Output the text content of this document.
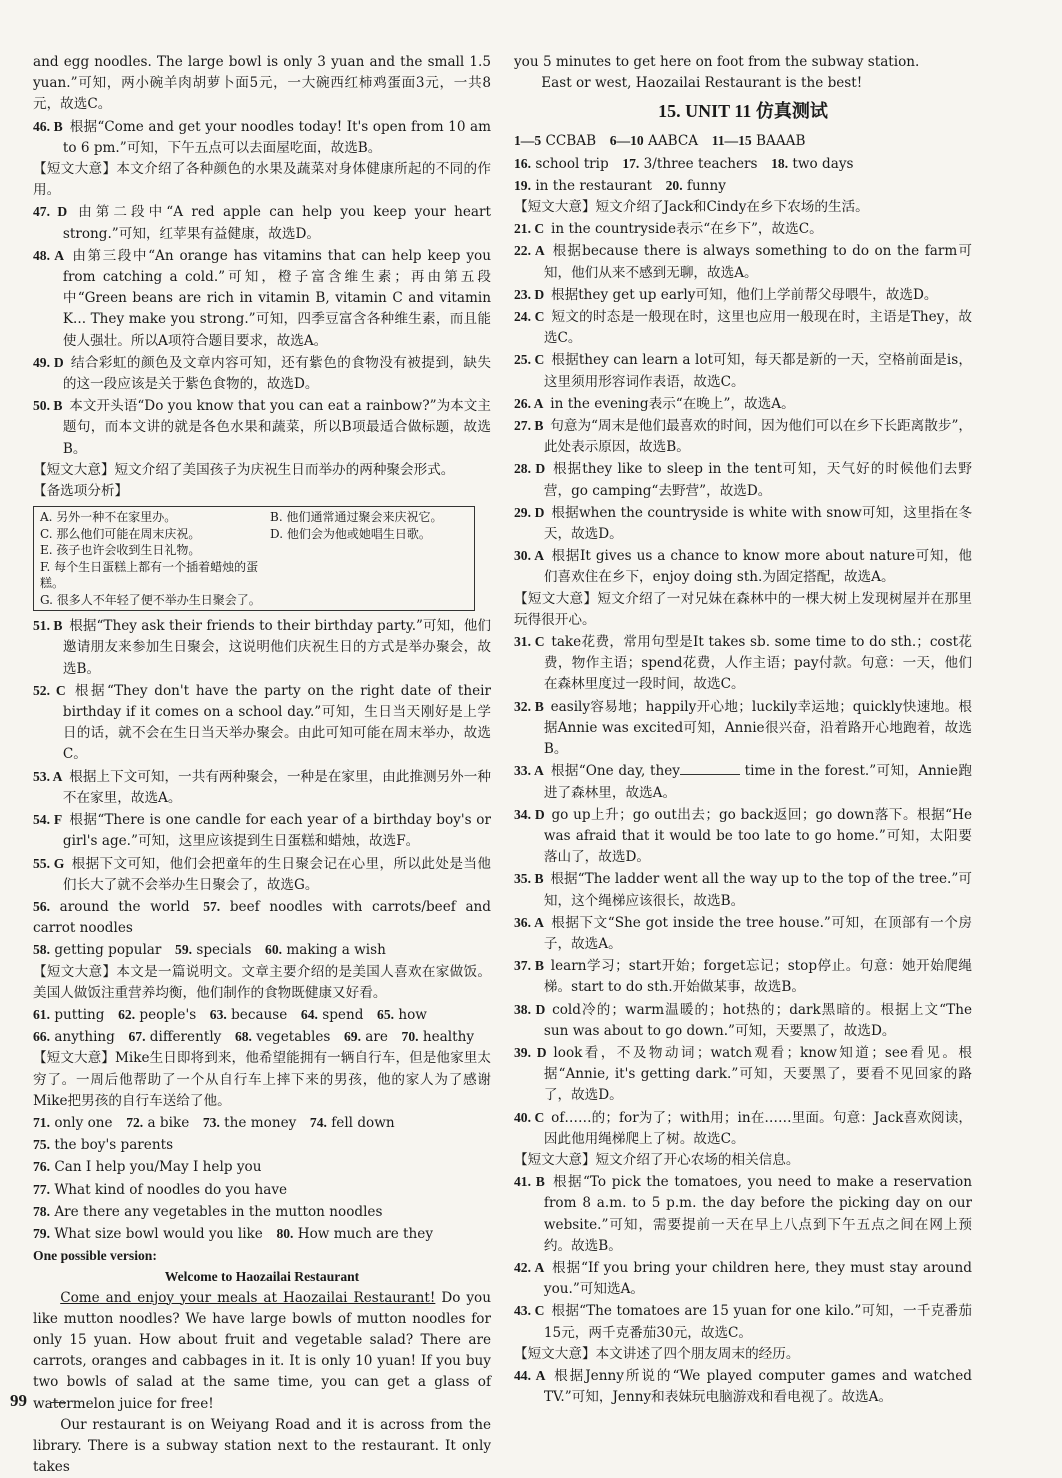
and egg noodles. The large bowl is only 3 yuan and the small 1.5 yuan.”可知，两小碗羊肉胡萝卜面5元，一大碗西红柿鸡蛋面3元，一共8元，故选C。
46. B 根据“Come and get your noodles today! It's open from 10 am to 6 pm.”可知，下午五点可以去面屋吃面，故选B。
【短文大意】本文介绍了各种颜色的水果及蔬菜对身体健康所起的不同的作用。
47. D 由第二段中“A red apple can help you keep your heart strong.”可知，红苹果有益健康，故选D。
48. A 由第三段中“An orange has vitamins that can help keep you from catching a cold.”可知，橙子富含维生素；再由第五段中“Green beans are rich in vitamin B, vitamin C and vitamin K... They make you strong.”可知，四季豆富含各种维生素，而且能使人强壮。所以A项符合题目要求，故选A。
49. D 结合彩虹的颜色及文章内容可知，还有紫色的食物没有被提到，缺失的这一段应该是关于紫色食物的，故选D。
50. B 本文开头语“Do you know that you can eat a rainbow?”为本文主题句，而本文讲的就是各色水果和蔬菜，所以B项最适合做标题，故选B。
【短文大意】短文介绍了美国孩子为庆祝生日而举办的两种聚会形式。
【备选项分析】
A. 另外一种不在家里办。	B. 他们通常通过聚会来庆祝它。
C. 那么他们可能在周末庆祝。	D. 他们会为他或她唱生日歌。
E. 孩子也许会收到生日礼物。
F. 每个生日蛋糕上都有一个插着蜡烛的蛋糕。
G. 很多人不年轻了便不举办生日聚会了。
51. B 根据“They ask their friends to their birthday party.”可知，他们邀请朋友来参加生日聚会，这说明他们庆祝生日的方式是举办聚会，故选B。
52. C 根据“They don't have the party on the right date of their birthday if it comes on a school day.”可知，生日当天刚好是上学日的话，就不会在生日当天举办聚会。由此可知可能在周末举办，故选C。
53. A 根据上下文可知，一共有两种聚会，一种是在家里，由此推测另外一种不在家里，故选A。
54. F 根据“There is one candle for each year of a birthday boy's or girl's age.”可知，这里应该提到生日蛋糕和蜡烛，故选F。
55. G 根据下文可知，他们会把童年的生日聚会记在心里，所以此处是当他们长大了就不会举办生日聚会了，故选G。
56. around the world  57. beef noodles with carrots/beef and carrot noodles
58. getting popular  59. specials  60. making a wish
【短文大意】本文是一篇说明文。文章主要介绍的是美国人喜欢在家做饭。美国人做饭注重营养均衡，他们制作的食物既健康又好看。
61. putting  62. people's  63. because  64. spend  65. how
66. anything  67. differently  68. vegetables  69. are  70. healthy
【短文大意】Mike生日即将到来，他希望能拥有一辆自行车，但是他家里太穷了。一周后他帮助了一个从自行车上摔下来的男孩，他的家人为了感谢Mike把男孩的自行车送给了他。
71. only one  72. a bike  73. the money  74. fell down
75. the boy's parents
76. Can I help you/May I help you
77. What kind of noodles do you have
78. Are there any vegetables in the mutton noodles
79. What size bowl would you like  80. How much are they
One possible version:
Welcome to Haozailai Restaurant
Come and enjoy your meals at Haozailai Restaurant! Do you like mutton noodles? We have large bowls of mutton noodles for only 15 yuan. How about fruit and vegetable salad? There are carrots, oranges and cabbages in it. It is only 10 yuan! If you buy two bowls of salad at the same time, you can get a glass of watermelon juice for free!
Our restaurant is on Weiyang Road and it is across from the library. There is a subway station next to the restaurant. It only takes
you 5 minutes to get here on foot from the subway station.
East or west, Haozailai Restaurant is the best!
15. UNIT 11 仿真测试
1—5 CCBAB  6—10 AABCA  11—15 BAAAB
16. school trip  17. 3/three teachers  18. two days
19. in the restaurant  20. funny
【短文大意】短文介绍了Jack和Cindy在乡下农场的生活。
21. C in the countryside表示“在乡下”，故选C。
22. A 根据because there is always something to do on the farm可知，他们从来不感到无聊，故选A。
23. D 根据they get up early可知，他们上学前帮父母喂牛，故选D。
24. C 短文的时态是一般现在时，这里也应用一般现在时，主语是They，故选C。
25. C 根据they can learn a lot可知，每天都是新的一天，空格前面是is，这里须用形容词作表语，故选C。
26. A in the evening表示“在晚上”，故选A。
27. B 句意为“周末是他们最喜欢的时间，因为他们可以在乡下长距离散步”，此处表示原因，故选B。
28. D 根据they like to sleep in the tent可知，天气好的时候他们去野营，go camping“去野营”，故选D。
29. D 根据when the countryside is white with snow可知，这里指在冬天，故选D。
30. A 根据It gives us a chance to know more about nature可知，他们喜欢住在乡下，enjoy doing sth.为固定搭配，故选A。
【短文大意】短文介绍了一对兄妹在森林中的一棵大树上发现树屋并在那里玩得很开心。
31. C take花费，常用句型是It takes sb. some time to do sth.；cost花费，物作主语；spend花费，人作主语；pay付款。句意：一天，他们在森林里度过一段时间，故选C。
32. B easily容易地；happily开心地；luckily幸运地；quickly快速地。根据Annie was excited可知，Annie很兴奋，沿着路开心地跑着，故选B。
33. A 根据“One day, they	time in the forest.”可知，Annie跑进了森林里，故选A。
34. D go up上升；go out出去；go back返回；go down落下。根据“He was afraid that it would be too late to go home.”可知，太阳要落山了，故选D。
35. B 根据“The ladder went all the way up to the top of the tree.”可知，这个绳梯应该很长，故选B。
36. A 根据下文“She got inside the tree house.”可知，在顶部有一个房子，故选A。
37. B learn学习；start开始；forget忘记；stop停止。句意：她开始爬绳梯。start to do sth.开始做某事，故选B。
38. D cold冷的；warm温暖的；hot热的；dark黑暗的。根据上文“The sun was about to go down.”可知，天要黑了，故选D。
39. D look看，不及物动词；watch观看；know知道；see看见。根据“Annie, it's getting dark.”可知，天要黑了，要看不见回家的路了，故选D。
40. C of……的；for为了；with用；in在……里面。句意：Jack喜欢阅读，因此他用绳梯爬上了树。故选C。
【短文大意】短文介绍了开心农场的相关信息。
41. B 根据“To pick the tomatoes, you need to make a reservation from 8 a.m. to 5 p.m. the day before the picking day on our website.”可知，需要提前一天在早上八点到下午五点之间在网上预约。故选B。
42. A 根据“If you bring your children here, they must stay around you.”可知选A。
43. C 根据“The tomatoes are 15 yuan for one kilo.”可知，一千克番茄15元，两千克番茄30元，故选C。
【短文大意】本文讲述了四个朋友周末的经历。
44. A 根据Jenny所说的“We played computer games and watched TV.”可知，Jenny和表妹玩电脑游戏和看电视了。故选A。
99
